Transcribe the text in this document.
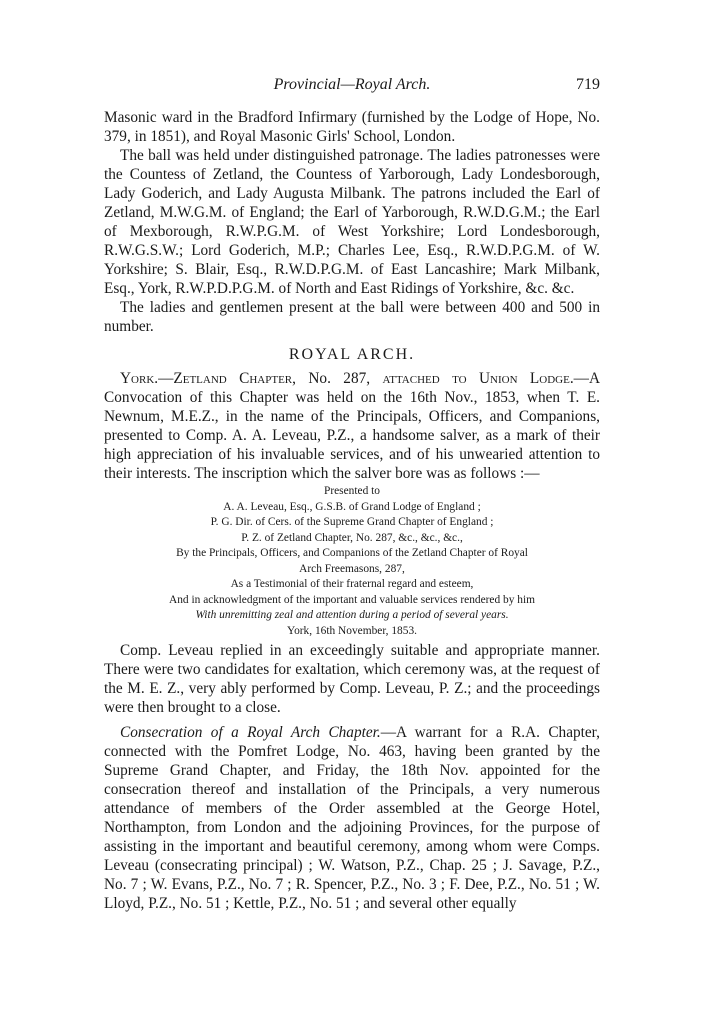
Provincial—Royal Arch.	719

Masonic ward in the Bradford Infirmary (furnished by the Lodge of Hope, No. 379, in 1851), and Royal Masonic Girls' School, London.

The ball was held under distinguished patronage. The ladies patronesses were the Countess of Zetland, the Countess of Yarborough, Lady Londesborough, Lady Goderich, and Lady Augusta Milbank. The patrons included the Earl of Zetland, M.W.G.M. of England; the Earl of Yarborough, R.W.D.G.M.; the Earl of Mexborough, R.W.P.G.M. of West Yorkshire; Lord Londesborough, R.W.G.S.W.; Lord Goderich, M.P.; Charles Lee, Esq., R.W.D.P.G.M. of W. Yorkshire; S. Blair, Esq., R.W.D.P.G.M. of East Lancashire; Mark Milbank, Esq., York, R.W.P.D.P.G.M. of North and East Ridings of Yorkshire, &c. &c.

The ladies and gentlemen present at the ball were between 400 and 500 in number.

ROYAL ARCH.

York.—Zetland Chapter, No. 287, attached to Union Lodge.—A Convocation of this Chapter was held on the 16th Nov., 1853, when T. E. Newnum, M.E.Z., in the name of the Principals, Officers, and Companions, presented to Comp. A. A. Leveau, P.Z., a handsome salver, as a mark of their high appreciation of his invaluable services, and of his unwearied attention to their interests. The inscription which the salver bore was as follows :—

Presented to
A. A. Leveau, Esq., G.S.B. of Grand Lodge of England ;
P. G. Dir. of Cers. of the Supreme Grand Chapter of England ;
P. Z. of Zetland Chapter, No. 287, &c., &c., &c.,
By the Principals, Officers, and Companions of the Zetland Chapter of Royal
Arch Freemasons, 287,
As a Testimonial of their fraternal regard and esteem,
And in acknowledgment of the important and valuable services rendered by him
With unremitting zeal and attention during a period of several years.
York, 16th November, 1853.

Comp. Leveau replied in an exceedingly suitable and appropriate manner. There were two candidates for exaltation, which ceremony was, at the request of the M. E. Z., very ably performed by Comp. Leveau, P. Z.; and the proceedings were then brought to a close.

Consecration of a Royal Arch Chapter.—A warrant for a R.A. Chapter, connected with the Pomfret Lodge, No. 463, having been granted by the Supreme Grand Chapter, and Friday, the 18th Nov. appointed for the consecration thereof and installation of the Principals, a very numerous attendance of members of the Order assembled at the George Hotel, Northampton, from London and the adjoining Provinces, for the purpose of assisting in the important and beautiful ceremony, among whom were Comps. Leveau (consecrating principal) ; W. Watson, P.Z., Chap. 25 ; J. Savage, P.Z., No. 7 ; W. Evans, P.Z., No. 7 ; R. Spencer, P.Z., No. 3 ; F. Dee, P.Z., No. 51 ; W. Lloyd, P.Z., No. 51 ; Kettle, P.Z., No. 51 ; and several other equally
